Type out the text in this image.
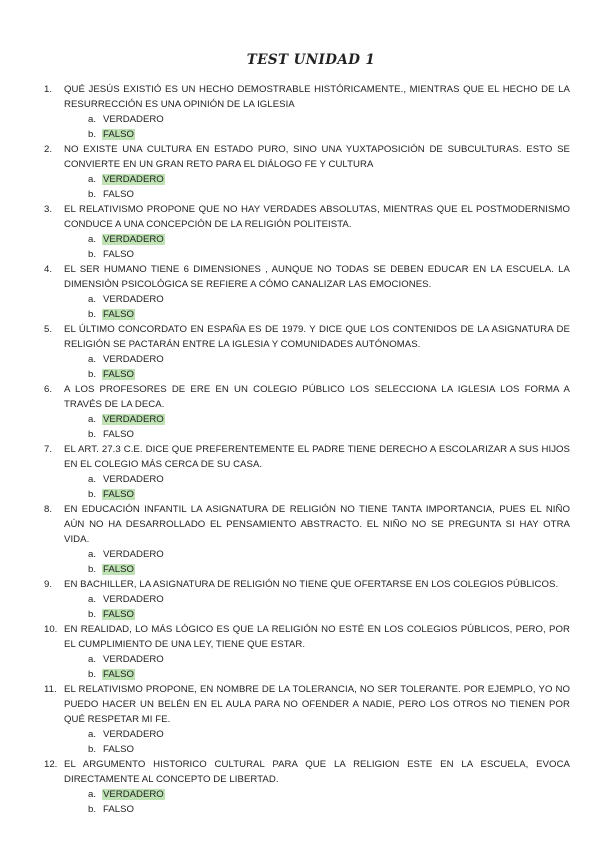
TEST UNIDAD 1
1.	QUÉ JESÚS EXISTIÓ ES UN HECHO DEMOSTRABLE HISTÓRICAMENTE., MIENTRAS QUE EL HECHO DE LA RESURRECCIÓN ES UNA OPINIÓN DE LA IGLESIA
a. VERDADERO
b. FALSO
2.	NO EXISTE UNA CULTURA EN ESTADO PURO, SINO UNA YUXTAPOSICIÓN DE SUBCULTURAS. ESTO SE CONVIERTE EN UN GRAN RETO PARA EL DIÁLOGO FE Y CULTURA
a. VERDADERO
b. FALSO
3.	EL RELATIVISMO PROPONE QUE NO HAY VERDADES ABSOLUTAS, MIENTRAS QUE EL POSTMODERNISMO CONDUCE A UNA CONCEPCIÓN DE LA RELIGIÓN POLITEISTA.
a. VERDADERO
b. FALSO
4.	EL SER HUMANO TIENE 6 DIMENSIONES , AUNQUE NO TODAS SE DEBEN EDUCAR EN LA ESCUELA. LA DIMENSIÓN PSICOLÓGICA SE REFIERE A CÓMO CANALIZAR LAS EMOCIONES.
a. VERDADERO
b. FALSO
5.	EL ÚLTIMO CONCORDATO EN ESPAÑA ES DE 1979. Y DICE QUE LOS CONTENIDOS DE LA ASIGNATURA DE RELIGIÓN SE PACTARÁN ENTRE LA IGLESIA Y COMUNIDADES AUTÓNOMAS.
a. VERDADERO
b. FALSO
6.	A LOS PROFESORES DE ERE EN UN COLEGIO PÚBLICO LOS SELECCIONA LA IGLESIA LOS FORMA A TRAVÉS DE LA DECA.
a. VERDADERO
b. FALSO
7.	EL ART. 27.3 C.E. DICE QUE PREFERENTEMENTE EL PADRE TIENE DERECHO A ESCOLARIZAR A SUS HIJOS EN EL COLEGIO MÁS CERCA DE SU CASA.
a. VERDADERO
b. FALSO
8.	EN EDUCACIÓN INFANTIL LA ASIGNATURA DE RELIGIÓN NO TIENE TANTA IMPORTANCIA, PUES EL NIÑO AÚN NO HA DESARROLLADO EL PENSAMIENTO ABSTRACTO. EL NIÑO NO SE PREGUNTA SI HAY OTRA VIDA.
a. VERDADERO
b. FALSO
9.	EN BACHILLER, LA ASIGNATURA DE RELIGIÓN NO TIENE QUE OFERTARSE EN LOS COLEGIOS PÚBLICOS.
a. VERDADERO
b. FALSO
10. EN REALIDAD, LO MÁS LÓGICO ES QUE LA RELIGIÓN NO ESTÉ EN LOS COLEGIOS PÚBLICOS, PERO, POR EL CUMPLIMIENTO DE UNA LEY, TIENE QUE ESTAR.
a. VERDADERO
b. FALSO
11. EL RELATIVISMO PROPONE, EN NOMBRE DE LA TOLERANCIA, NO SER TOLERANTE. POR EJEMPLO, YO NO PUEDO HACER UN BELÉN EN EL AULA PARA NO OFENDER A NADIE, PERO LOS OTROS NO TIENEN POR QUÉ RESPETAR MI FE.
a. VERDADERO
b. FALSO
12. EL ARGUMENTO HISTORICO CULTURAL PARA QUE LA RELIGION ESTE EN LA ESCUELA, EVOCA DIRECTAMENTE AL CONCEPTO DE LIBERTAD.
a. VERDADERO
b. FALSO
